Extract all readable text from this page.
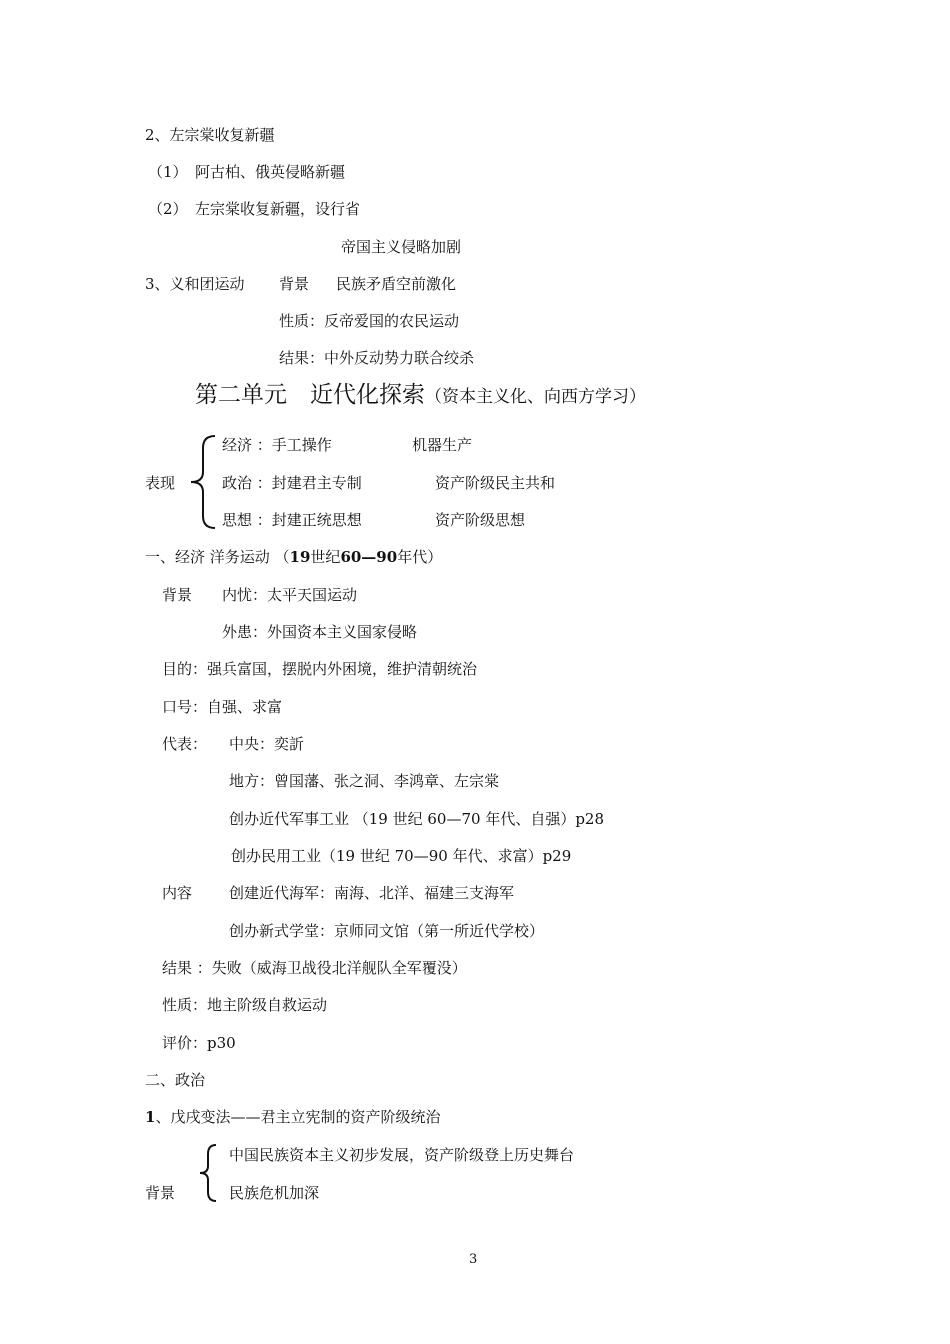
2、左宗棠收复新疆
（1）　阿古柏、俄英侵略新疆
（2）　左宗棠收复新疆，设行省
帝国主义侵略加剧
3、义和团运动 背景 民族矛盾空前激化
性质：反帝爱国的农民运动
结果：中外反动势力联合绞杀
第二单元　近代化探索（资本主义化、向西方学习）
表现
经济 ：手工操作	机器生产
政治 ：封建君主专制	资产阶级民主共和
思想 ：封建正统思想	资产阶级思想
一、经济 洋务运动 （19世纪60—90年代）
背景 内忧：太平天国运动
外患：外国资本主义国家侵略
目的：强兵富国，摆脱内外困境，维护清朝统治
口号：自强、求富
代表： 中央：奕訢
地方：曾国藩、张之洞、李鸿章、左宗棠
创办近代军事工业 （19 世纪 60—70 年代、自强）p28
创办民用工业（19 世纪 70—90 年代、求富）p29
内容 创建近代海军：南海、北洋、福建三支海军
创办新式学堂：京师同文馆（第一所近代学校）
结果 ：失败（威海卫战役北洋舰队全军覆没）
性质：地主阶级自救运动
评价：p30
二、政治
1、戊戌变法——君主立宪制的资产阶级统治
背景
中国民族资本主义初步发展，资产阶级登上历史舞台
民族危机加深
3
